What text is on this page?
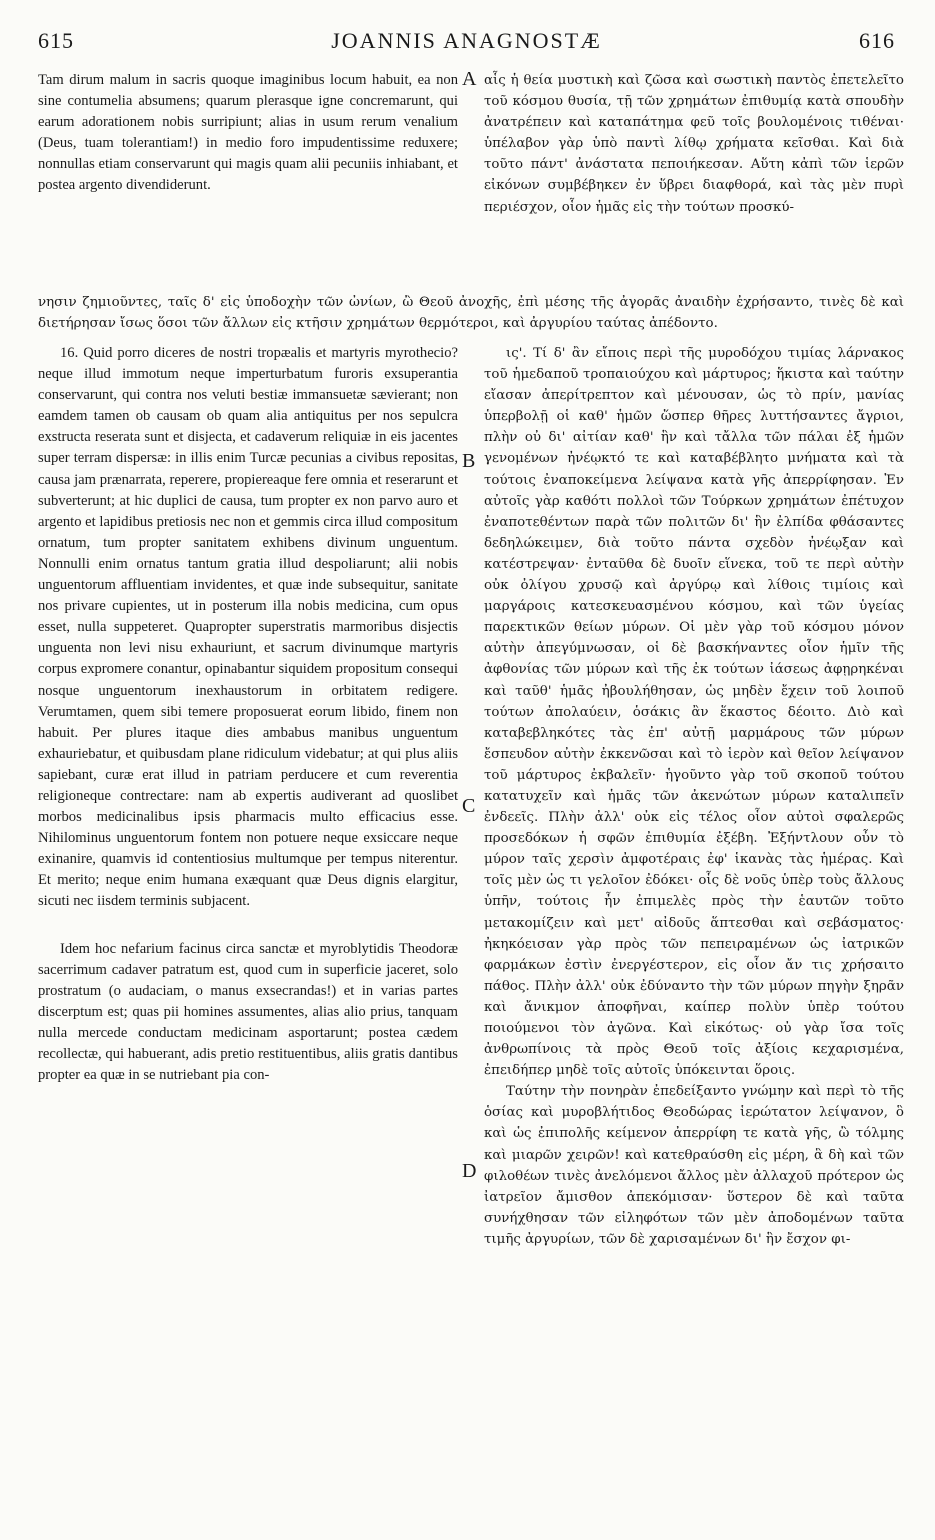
615	JOANNIS ANAGNOSTÆ	616
A
B
C
D

Tam dirum malum in sacris quoque imaginibus locum habuit, ea non sine contumelia absumens; quarum plerasque igne concremarunt, qui earum adorationem nobis surripiunt; alias in usum rerum venalium (Deus, tuam tolerantiam!) in medio foro impudentissime reduxere; nonnullas etiam conservarunt qui magis quam alii pecuniis inhiabant, et postea argento divendiderunt.

αἷς ἡ θεία μυστικὴ καὶ ζῶσα καὶ σωστικὴ παντὸς ἐπετελεῖτο τοῦ κόσμου θυσία, τῇ τῶν χρημάτων ἐπιθυμίᾳ κατὰ σπουδὴν ἀνατρέπειν καὶ καταπάτημα φεῦ τοῖς βουλομένοις τιθέναι· ὑπέλαβον γὰρ ὑπὸ παντὶ λίθῳ χρήματα κεῖσθαι. Καὶ διὰ τοῦτο πάντ' ἀνάστατα πεποιήκεσαν. Αὕτη κἀπὶ τῶν ἱερῶν εἰκόνων συμβέβηκεν ἐν ὕβρει διαφθορά, καὶ τὰς μὲν πυρὶ περιέσχον, οἷον ἡμᾶς εἰς τὴν τούτων προσκύ-

νησιν ζημιοῦντες, ταῖς δ' εἰς ὑποδοχὴν τῶν ὠνίων, ὢ Θεοῦ ἀνοχῆς, ἐπὶ μέσης τῆς ἀγορᾶς ἀναιδὴν ἐχρήσαντο, τινὲς δὲ καὶ διετήρησαν ἴσως ὅσοι τῶν ἄλλων εἰς κτῆσιν χρημάτων θερμότεροι, καὶ ἀργυρίου ταύτας ἀπέδοντο.

16. Quid porro diceres de nostri tropæalis et martyris myrothecio? neque illud immotum neque imperturbatum furoris exsuperantia conservarunt, qui contra nos veluti bestiæ immansuetæ sævierant; non eamdem tamen ob causam ob quam alia antiquitus per nos sepulcra exstructa reserata sunt et disjecta, et cadaverum reliquiæ in eis jacentes super terram dispersæ: in illis enim Turcæ pecunias a civibus repositas, causa jam prænarrata, reperere, propiereaque fere omnia et reserarunt et subverterunt; at hic duplici de causa, tum propter ex non parvo auro et argento et lapidibus pretiosis nec non et gemmis circa illud compositum ornatum, tum propter sanitatem exhibens divinum unguentum. Nonnulli enim ornatus tantum gratia illud despoliarunt; alii nobis unguentorum affluentiam invidentes, et quæ inde subsequitur, sanitate nos privare cupientes, ut in posterum illa nobis medicina, cum opus esset, nulla suppeteret. Quapropter superstratis marmoribus disjectis unguenta non levi nisu exhauriunt, et sacrum divinumque martyris corpus expromere conantur, opinabantur siquidem propositum consequi nosque unguentorum inexhaustorum in orbitatem redigere. Verumtamen, quem sibi temere proposuerat eorum libido, finem non habuit. Per plures itaque dies ambabus manibus unguentum exhauriebatur, et quibusdam plane ridiculum videbatur; at qui plus aliis sapiebant, curæ erat illud in patriam perducere et cum reverentia religioneque contrectare: nam ab expertis audiverant ad quoslibet morbos medicinalibus ipsis pharmacis multo efficacius esse. Nihilominus unguentorum fontem non potuere neque exsiccare neque exinanire, quamvis id contentiosius multumque per tempus niterentur. Et merito; neque enim humana exæquant quæ Deus dignis elargitur, sicuti nec iisdem terminis subjacent.

Idem hoc nefarium facinus circa sanctæ et myroblytidis Theodoræ sacerrimum cadaver patratum est, quod cum in superficie jaceret, solo prostratum (o audaciam, o manus exsecrandas!) et in varias partes discerptum est; quas pii homines assumentes, alias alio prius, tanquam nulla mercede conductam medicinam asportarunt; postea cædem recollectæ, qui habuerant, adis pretio restituentibus, aliis gratis dantibus propter ea quæ in se nutriebant pia con-

ις'. Τί δ' ἂν εἴποις περὶ τῆς μυροδόχου τιμίας λάρνακος τοῦ ἡμεδαποῦ τροπαιούχου καὶ μάρτυρος; ἥκιστα καὶ ταύτην εἴασαν ἀπερίτρεπτον καὶ μένουσαν, ὡς τὸ πρίν, μανίας ὑπερβολῇ οἱ καθ' ἡμῶν ὥσπερ θῆρες λυττήσαντες ἄγριοι, πλὴν οὐ δι' αἰτίαν καθ' ἣν καὶ τἄλλα τῶν πάλαι ἐξ ἡμῶν γενομένων ἠνέῳκτό τε καὶ καταβέβλητο μνήματα καὶ τὰ τούτοις ἐναποκείμενα λείψανα κατὰ γῆς ἀπερρίφησαν. Ἐν αὐτοῖς γὰρ καθότι πολλοὶ τῶν Τούρκων χρημάτων ἐπέτυχον ἐναποτεθέντων παρὰ τῶν πολιτῶν δι' ἣν ἐλπίδα φθάσαντες δεδηλώκειμεν, διὰ τοῦτο πάντα σχεδὸν ἠνέῳξαν καὶ κατέστρεψαν· ἐνταῦθα δὲ δυοῖν εἵνεκα, τοῦ τε περὶ αὐτὴν οὐκ ὀλίγου χρυσῷ καὶ ἀργύρῳ καὶ λίθοις τιμίοις καὶ μαργάροις κατεσκευασμένου κόσμου, καὶ τῶν ὑγείας παρεκτικῶν θείων μύρων. Οἱ μὲν γὰρ τοῦ κόσμου μόνον αὐτὴν ἀπεγύμνωσαν, οἱ δὲ βασκήναντες οἷον ἡμῖν τῆς ἀφθονίας τῶν μύρων καὶ τῆς ἐκ τούτων ἰάσεως ἀφῃρηκέναι καὶ ταῦθ' ἡμᾶς ἠβουλήθησαν, ὡς μηδὲν ἔχειν τοῦ λοιποῦ τούτων ἀπολαύειν, ὁσάκις ἂν ἕκαστος δέοιτο. Διὸ καὶ καταβεβληκότες τὰς ἐπ' αὐτῇ μαρμάρους τῶν μύρων ἔσπευδον αὐτὴν ἐκκενῶσαι καὶ τὸ ἱερὸν καὶ θεῖον λείψανον τοῦ μάρτυρος ἐκβαλεῖν· ἡγοῦντο γὰρ τοῦ σκοποῦ τούτου κατατυχεῖν καὶ ἡμᾶς τῶν ἀκενώτων μύρων καταλιπεῖν ἐνδεεῖς. Πλὴν ἀλλ' οὐκ εἰς τέλος οἷον αὐτοὶ σφαλερῶς προσεδόκων ἡ σφῶν ἐπιθυμία ἐξέβη. Ἐξήντλουν οὖν τὸ μύρον ταῖς χερσὶν ἀμφοτέραις ἐφ' ἱκανὰς τὰς ἡμέρας. Καὶ τοῖς μὲν ὡς τι γελοῖον ἐδόκει· οἷς δὲ νοῦς ὑπὲρ τοὺς ἄλλους ὑπῆν, τούτοις ἦν ἐπιμελὲς πρὸς τὴν ἑαυτῶν τοῦτο μετακομίζειν καὶ μετ' αἰδοῦς ἅπτεσθαι καὶ σεβάσματος· ἠκηκόεισαν γὰρ πρὸς τῶν πεπειραμένων ὡς ἰατρικῶν φαρμάκων ἐστὶν ἐνεργέστερον, εἰς οἷον ἄν τις χρήσαιτο πάθος. Πλὴν ἀλλ' οὐκ ἐδύναντο τὴν τῶν μύρων πηγὴν ξηρᾶν καὶ ἄνικμον ἀποφῆναι, καίπερ πολὺν ὑπὲρ τούτου ποιούμενοι τὸν ἀγῶνα. Καὶ εἰκότως· οὐ γὰρ ἴσα τοῖς ἀνθρωπίνοις τὰ πρὸς Θεοῦ τοῖς ἀξίοις κεχαρισμένα, ἐπειδήπερ μηδὲ τοῖς αὐτοῖς ὑπόκεινται ὅροις.

Ταύτην τὴν πονηρὰν ἐπεδείξαντο γνώμην καὶ περὶ τὸ τῆς ὁσίας καὶ μυροβλήτιδος Θεοδώρας ἱερώτατον λείψανον, ὃ καὶ ὡς ἐπιπολῆς κείμενον ἀπερρίφη τε κατὰ γῆς, ὢ τόλμης καὶ μιαρῶν χειρῶν! καὶ κατεθραύσθη εἰς μέρη, ἃ δὴ καὶ τῶν φιλοθέων τινὲς ἀνελόμενοι ἄλλος μὲν ἀλλαχοῦ πρότερον ὡς ἰατρεῖον ἄμισθον ἀπεκόμισαν· ὕστερον δὲ καὶ ταῦτα συνήχθησαν τῶν εἰληφότων τῶν μὲν ἀποδομένων ταῦτα τιμῆς ἀργυρίων, τῶν δὲ χαρισαμένων δι' ἣν ἔσχον φι-
